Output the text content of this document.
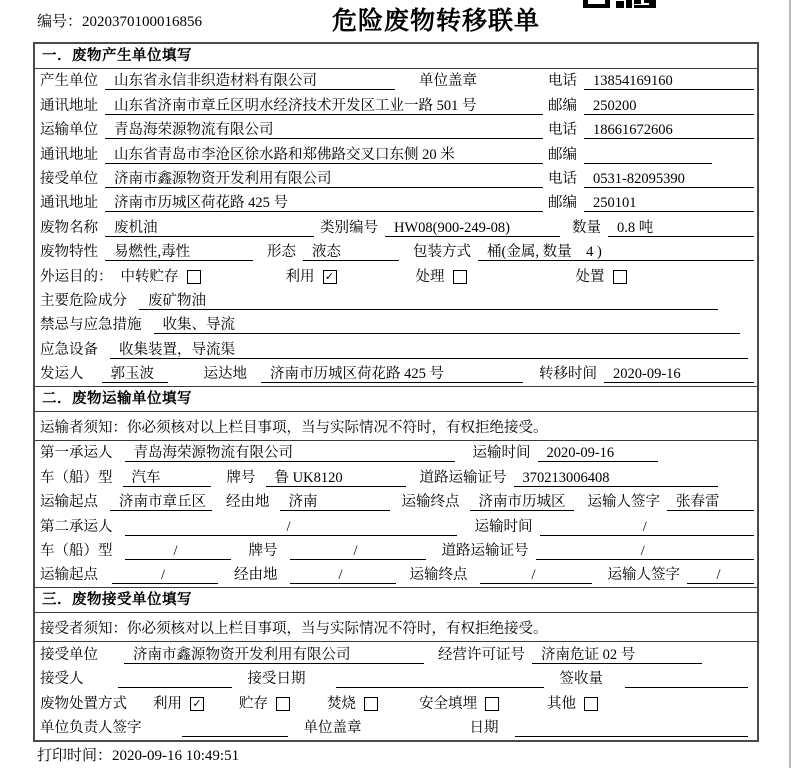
编号：2020370100016856	危险废物转移联单
一．废物产生单位填写
产生单位	山东省永信非织造材料有限公司	单位盖章	电话	13854169160
通讯地址	山东省济南市章丘区明水经济技术开发区工业一路 501 号	邮编	250200
运输单位	青岛海荣源物流有限公司	电话	18661672606
通讯地址	山东省青岛市李沧区徐水路和郑佛路交叉口东侧 20 米	邮编
接受单位	济南市鑫源物资开发利用有限公司	电话	0531-82095390
通讯地址	济南市历城区荷花路 425 号	邮编	250101
废物名称	废机油	类别编号	HW08(900-249-08)	数量	0.8 吨
废物特性	易燃性,毒性	形态	液态	包装方式	桶(金属, 数量　4 )
外运目的： 中转贮存	利用 ✓	处理	处置
主要危险成分	废矿物油
禁忌与应急措施	收集、导流
应急设备	收集装置，导流渠
发运人	郭玉波	运达地	济南市历城区荷花路 425 号	转移时间	2020-09-16
二．废物运输单位填写
运输者须知：你必须核对以上栏目事项，当与实际情况不符时，有权拒绝接受。
第一承运人	青岛海荣源物流有限公司	运输时间	2020-09-16
车（船）型	汽车	牌号	鲁 UK8120	道路运输证号	370213006408
运输起点	济南市章丘区	经由地	济南	运输终点	济南市历城区	运输人签字	张春雷
第二承运人	/	运输时间	/
车（船）型	/	牌号	/	道路运输证号	/
运输起点	/	经由地	/	运输终点	/	运输人签字	/
三．废物接受单位填写
接受者须知：你必须核对以上栏目事项，当与实际情况不符时，有权拒绝接受。
接受单位	济南市鑫源物资开发利用有限公司	经营许可证号	济南危证 02 号
接受人	接受日期	签收量
废物处置方式 利用 ✓	贮存	焚烧	安全填埋	其他
单位负责人签字	单位盖章	日期
打印时间：2020-09-16 10:49:51
